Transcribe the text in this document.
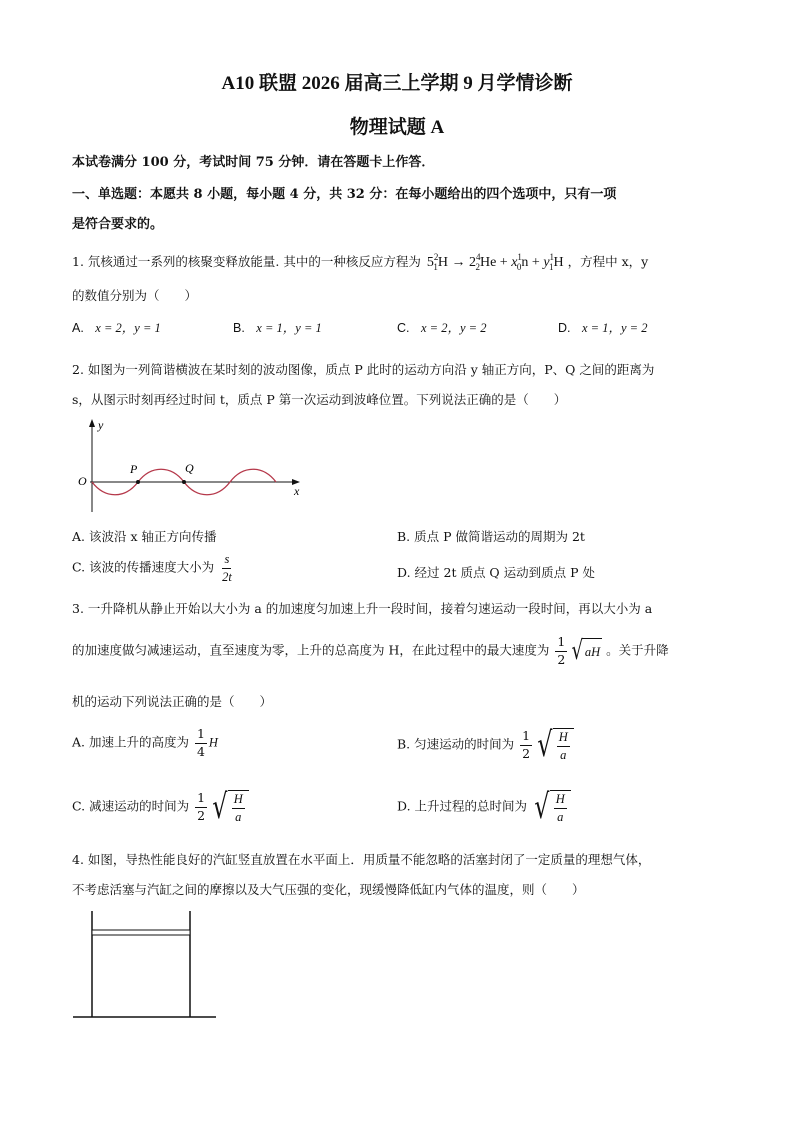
A10 联盟 2026 届高三上学期 9 月学情诊断
物理试题 A
本试卷满分 100 分，考试时间 75 分钟．请在答题卡上作答．
一、单选题：本愿共 8 小题，每小题 4 分，共 32 分：在每小题给出的四个选项中，只有一项
是符合要求的。
1. 氘核通过一系列的核聚变释放能量. 其中的一种核反应方程为 $5^2_1H \to 2^4_2He + x^1_0n + y^1_1H$ ，方程中 x，y
的数值分别为（　　）
A. x = 2，y = 1	B. x = 1，y = 1	C. x = 2，y = 2	D. x = 1，y = 2
2. 如图为一列简谐横波在某时刻的波动图像，质点 P 此时的运动方向沿 y 轴正方向，P、Q 之间的距离为
s，从图示时刻再经过时间 t，质点 P 第一次运动到波峰位置。下列说法正确的是（　　）
y
x
O
P	Q
A. 该波沿 x 轴正方向传播	B. 质点 P 做简谐运动的周期为 2t
C. 该波的传播速度大小为 $\frac{s}{2t}$	D. 经过 2t 质点 Q 运动到质点 P 处
3. 一升降机从静止开始以大小为 a 的加速度匀加速上升一段时间，接着匀速运动一段时间，再以大小为 a
的加速度做匀减速运动，直至速度为零，上升的总高度为 H，在此过程中的最大速度为 $\frac{1}{2}$ √ aH 。关于升降
机的运动下列说法正确的是（　　）
A. 加速上升的高度为 $\frac{1}{4}$ H	B. 匀速运动的时间为 $\frac{1}{2}$ √ $\frac{H}{a}$
C. 减速运动的时间为 $\frac{1}{2}$ √ $\frac{H}{a}$	D. 上升过程的总时间为 √ $\frac{H}{a}$
4. 如图，导热性能良好的汽缸竖直放置在水平面上．用质量不能忽略的活塞封闭了一定质量的理想气体，
不考虑活塞与汽缸之间的摩擦以及大气压强的变化，现缓慢降低缸内气体的温度，则（　　）
